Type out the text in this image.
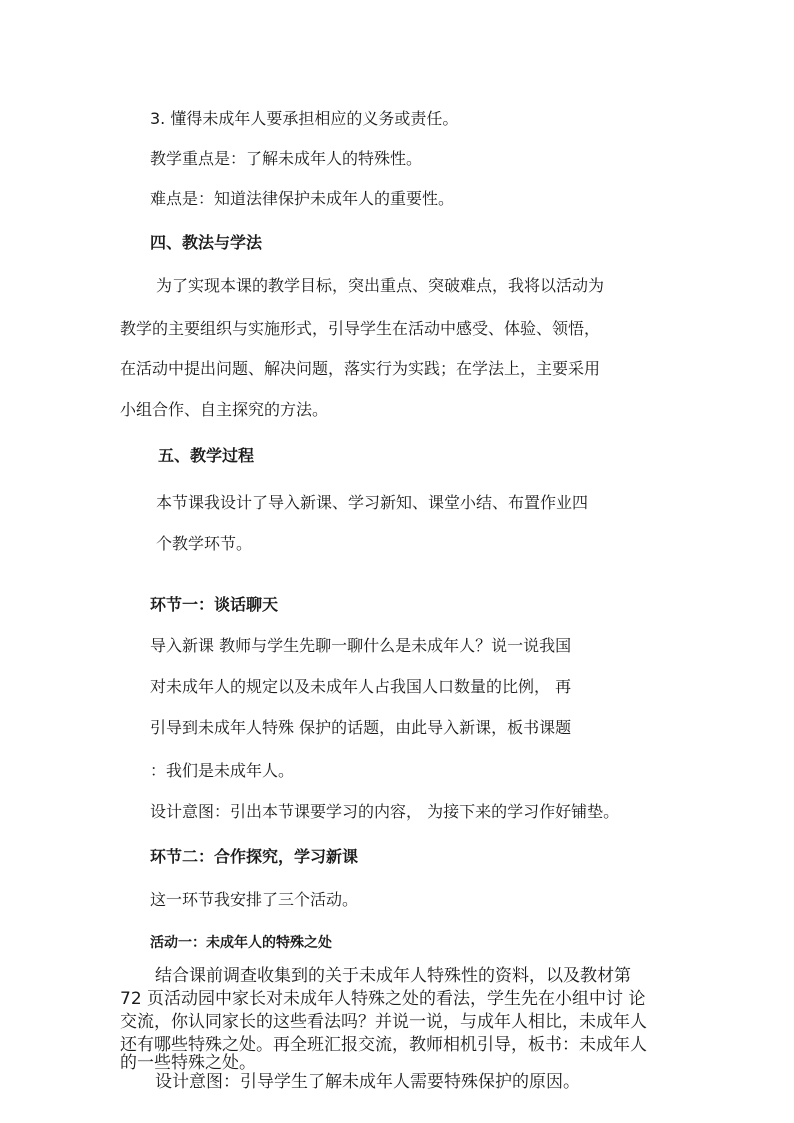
3. 懂得未成年人要承担相应的义务或责任。
教学重点是：了解未成年人的特殊性。
难点是：知道法律保护未成年人的重要性。
四、教法与学法
为了实现本课的教学目标，突出重点、突破难点，我将以活动为
教学的主要组织与实施形式，引导学生在活动中感受、体验、领悟，
在活动中提出问题、解决问题，落实行为实践；在学法上，主要采用
小组合作、自主探究的方法。
五、教学过程
本节课我设计了导入新课、学习新知、课堂小结、布置作业四
个教学环节。
环节一：谈话聊天
导入新课 教师与学生先聊一聊什么是未成年人？说一说我国
对未成年人的规定以及未成年人占我国人口数量的比例， 再
引导到未成年人特殊 保护的话题，由此导入新课，板书课题
：我们是未成年人。
设计意图：引出本节课要学习的内容， 为接下来的学习作好铺垫。
环节二：合作探究，学习新课
这一环节我安排了三个活动。
活动一：未成年人的特殊之处
结合课前调查收集到的关于未成年人特殊性的资料，以及教材第
72 页活动园中家长对未成年人特殊之处的看法，学生先在小组中讨 论
交流，你认同家长的这些看法吗？并说一说，与成年人相比，未成年人
还有哪些特殊之处。再全班汇报交流，教师相机引导，板书：未成年人
的一些特殊之处。
设计意图：引导学生了解未成年人需要特殊保护的原因。
